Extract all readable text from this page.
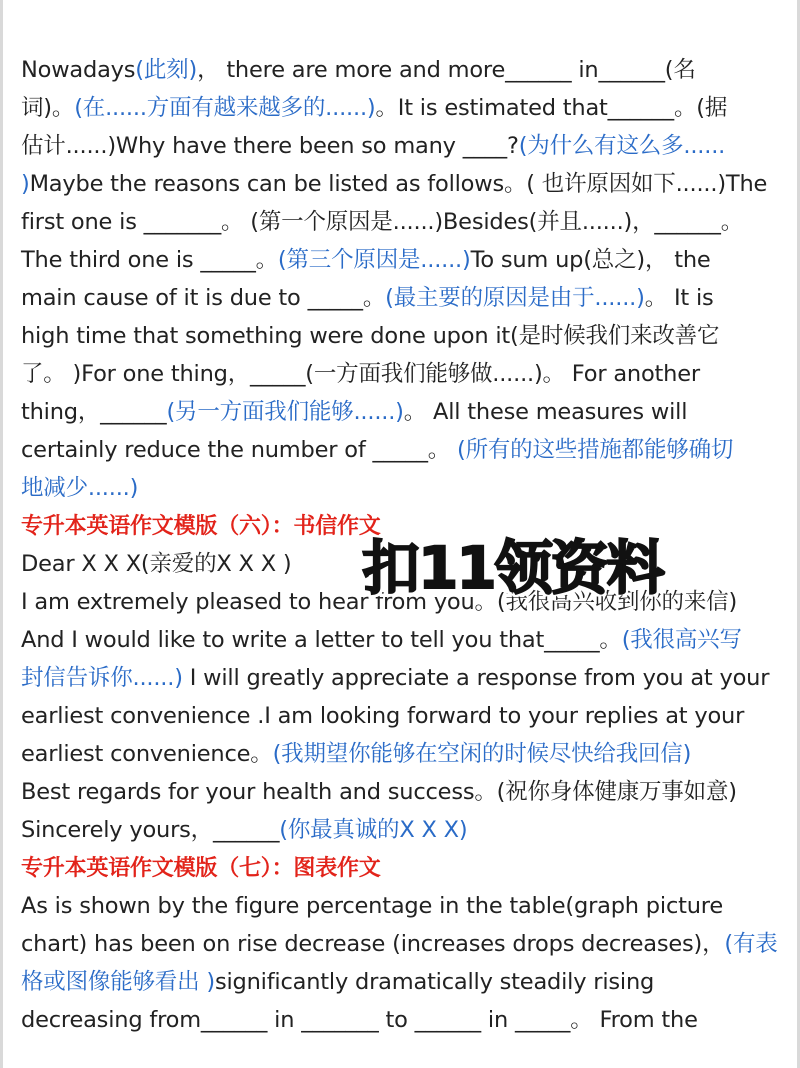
Nowadays(此刻)， there are more and more______ in______(名
词)。(在......方面有越来越多的......)。It is estimated that______。(据
估计......)Why have there been so many ____?(为什么有这么多......
)Maybe the reasons can be listed as follows。( 也许原因如下......)The
first one is _______。 (第一个原因是......)Besides(并且......)，______。
The third one is _____。(第三个原因是......)To sum up(总之)， the
main cause of it is due to _____。(最主要的原因是由于......)。 It is
high time that something were done upon it(是时候我们来改善它
了。 )For one thing，_____(一方面我们能够做......)。 For another
thing，______(另一方面我们能够......)。 All these measures will
certainly reduce the number of _____。 (所有的这些措施都能够确切
地减少......)
专升本英语作文模版（六）：书信作文
Dear X X X(亲爱的X X X )
I am extremely pleased to hear from you。(我很高兴收到你的来信)
And I would like to write a letter to tell you that_____。(我很高兴写
封信告诉你......) I will greatly appreciate a response from you at your
earliest convenience .I am looking forward to your replies at your
earliest convenience。(我期望你能够在空闲的时候尽快给我回信)
Best regards for your health and success。(祝你身体健康万事如意)
Sincerely yours，______(你最真诚的X X X)
专升本英语作文模版（七）：图表作文
As is shown by the figure percentage in the table(graph picture
chart) has been on rise decrease (increases drops decreases)，(有表
格或图像能够看出 )significantly dramatically steadily rising
decreasing from______ in _______ to ______ in _____。 From the
扣11领资料
